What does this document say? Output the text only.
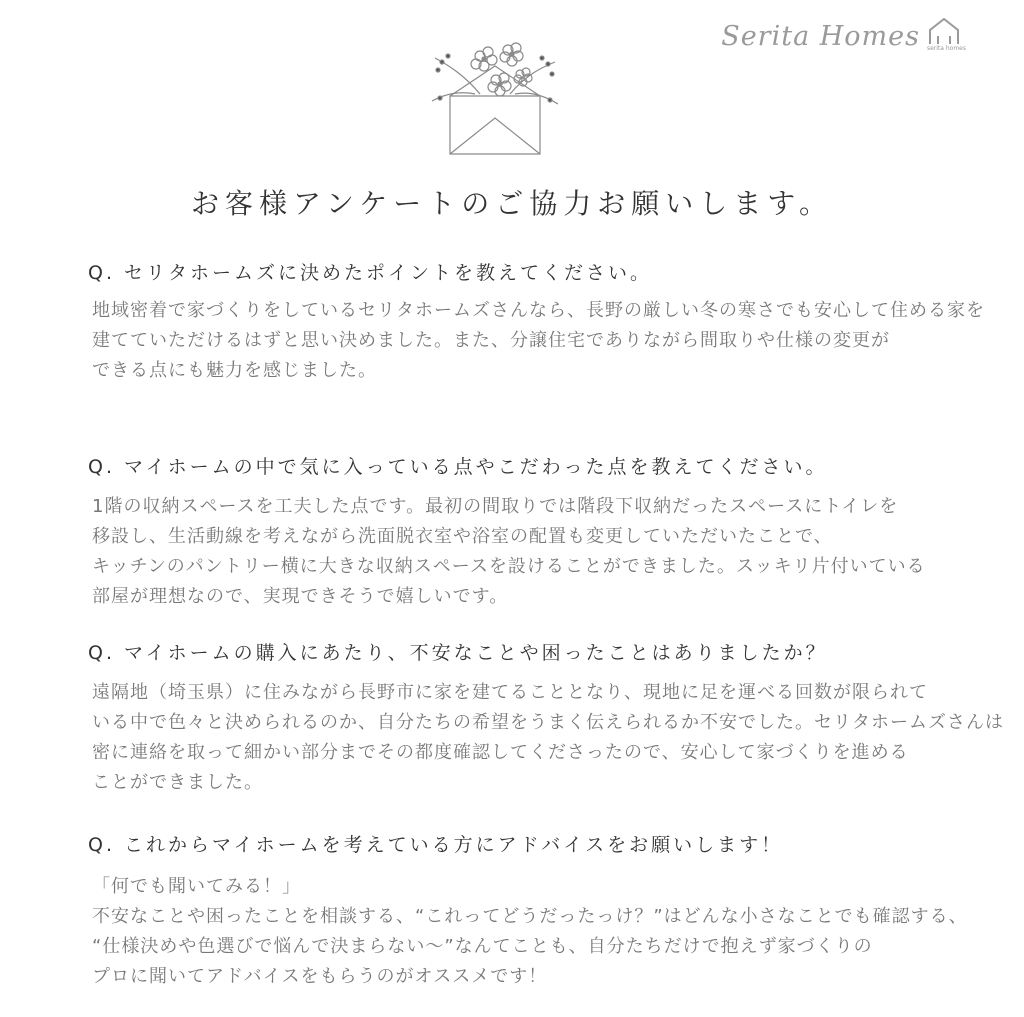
Serita Homes serita homes
お客様アンケートのご協力お願いします。
Q. セリタホームズに決めたポイントを教えてください。
地域密着で家づくりをしているセリタホームズさんなら、長野の厳しい冬の寒さでも安心して住める家を
建てていただけるはずと思い決めました。また、分譲住宅でありながら間取りや仕様の変更が
できる点にも魅力を感じました。
Q. マイホームの中で気に入っている点やこだわった点を教えてください。
1階の収納スペースを工夫した点です。最初の間取りでは階段下収納だったスペースにトイレを
移設し、生活動線を考えながら洗面脱衣室や浴室の配置も変更していただいたことで、
キッチンのパントリー横に大きな収納スペースを設けることができました。スッキリ片付いている
部屋が理想なので、実現できそうで嬉しいです。
Q. マイホームの購入にあたり、不安なことや困ったことはありましたか？
遠隔地（埼玉県）に住みながら長野市に家を建てることとなり、現地に足を運べる回数が限られて
いる中で色々と決められるのか、自分たちの希望をうまく伝えられるか不安でした。セリタホームズさんは
密に連絡を取って細かい部分までその都度確認してくださったので、安心して家づくりを進める
ことができました。
Q. これからマイホームを考えている方にアドバイスをお願いします！
「何でも聞いてみる！」
不安なことや困ったことを相談する、“これってどうだったっけ？”はどんな小さなことでも確認する、
“仕様決めや色選びで悩んで決まらない～”なんてことも、自分たちだけで抱えず家づくりの
プロに聞いてアドバイスをもらうのがオススメです！
